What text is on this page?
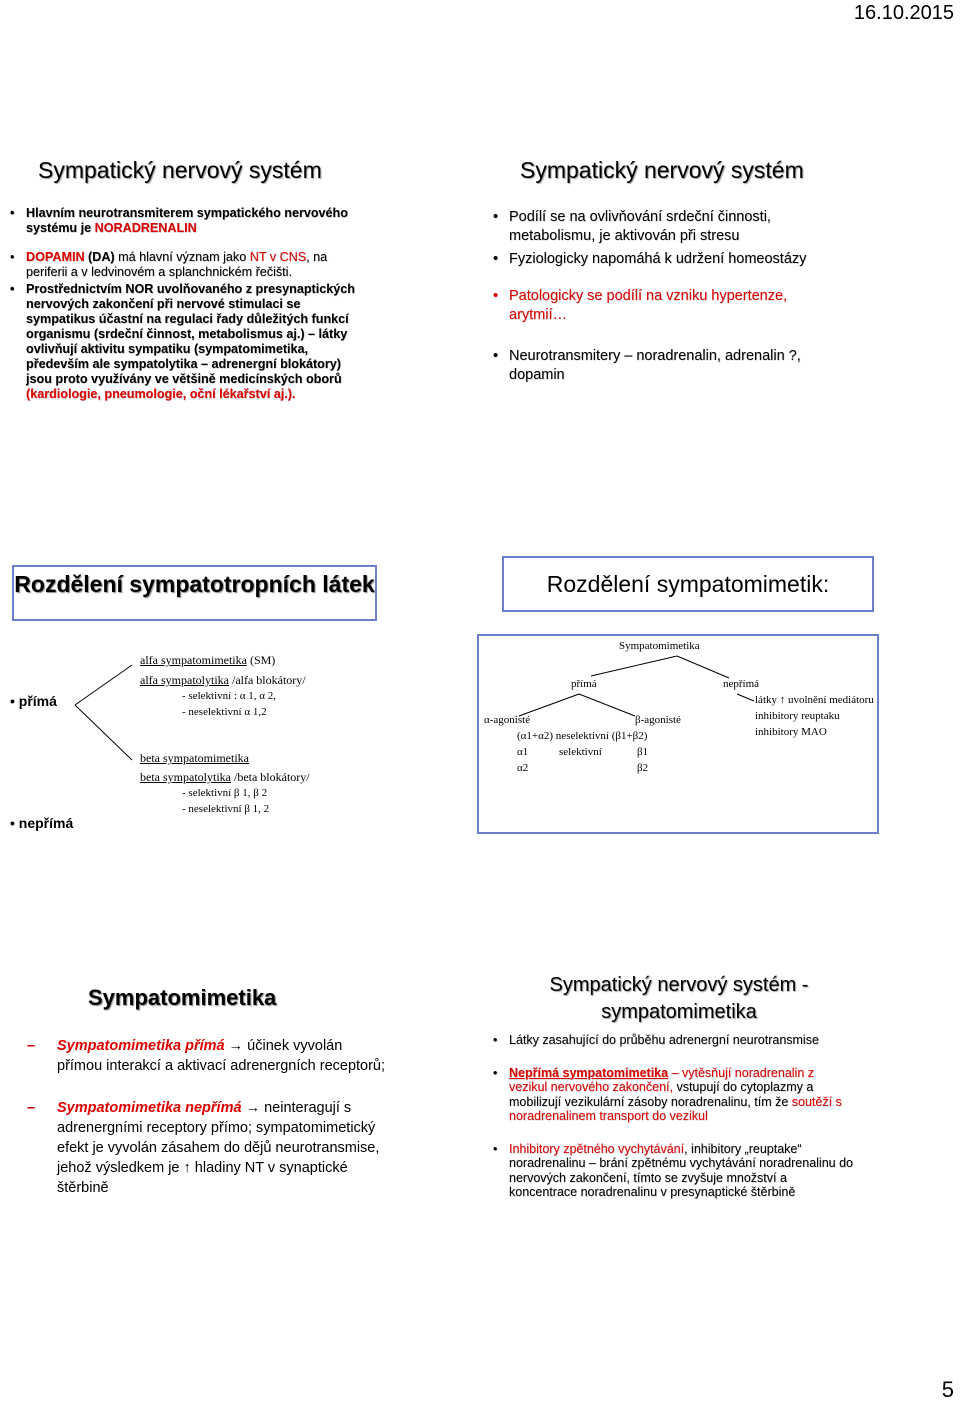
16.10.2015
Sympatický nervový systém
• Hlavním neurotransmiterem sympatického nervového systému je NORADRENALIN
• DOPAMIN (DA) má hlavní význam jako NT v CNS, na periferii a v ledvinovém a splanchnickém řečišti.
• Prostřednictvím NOR uvolňovaného z presynaptických nervových zakončení při nervové stimulaci se sympatikus účastní na regulaci řady důležitých funkcí organismu (srdeční činnost, metabolismus aj.) – látky ovlivňují aktivitu sympatiku (sympatomimetika, především ale sympatolytika – adrenergní blokátory) jsou proto využívány ve většině medicínských oborů (kardiologie, pneumologie, oční lékařství aj.).
Sympatický nervový systém
• Podílí se na ovlivňování srdeční činnosti, metabolismu, je aktivován při stresu
• Fyziologicky napomáhá k udržení homeostázy
• Patologicky se podílí na vzniku hypertenze, arytmií…
• Neurotransmitery – noradrenalin, adrenalin ?, dopamin
Rozdělení sympatotropních látek
• přímá
• nepřímá
alfa sympatomimetika (SM)
alfa sympatolytika /alfa blokátory/
- selektivní : α 1, α 2,
- neselektivní α 1,2
beta sympatomimetika
beta sympatolytika /beta blokátory/
- selektivní β 1, β 2
- neselektivní β 1, 2
Rozdělení sympatomimetik:
Sympatomimetika
přímá	nepřímá
α-agonisté	β-agonisté
(α1+α2) neselektivní (β1+β2)
α1	selektivní	β1
α2	β2
látky ↑ uvolnění mediátoru
inhibitory reuptaku
inhibitory MAO
Sympatomimetika
– Sympatomimetika přímá → účinek vyvolán přímou interakcí a aktivací adrenergních receptorů;
– Sympatomimetika nepřímá → neinteragují s adrenergními receptory přímo; sympatomimetický efekt je vyvolán zásahem do dějů neurotransmise, jehož výsledkem je ↑ hladiny NT v synaptické štěrbině
Sympatický nervový systém -
sympatomimetika
• Látky zasahující do průběhu adrenergní neurotransmise
• Nepřímá sympatomimetika – vytěsňují noradrenalin z vezikul nervového zakončení, vstupují do cytoplazmy a mobilizují vezikulární zásoby noradrenalinu, tím že soutěží s noradrenalinem transport do vezikul
• Inhibitory zpětného vychytávání, inhibitory „reuptake“ noradrenalinu – brání zpětnému vychytávání noradrenalinu do nervových zakončení, tímto se zvyšuje množství a koncentrace noradrenalinu v presynaptické štěrbině
5
